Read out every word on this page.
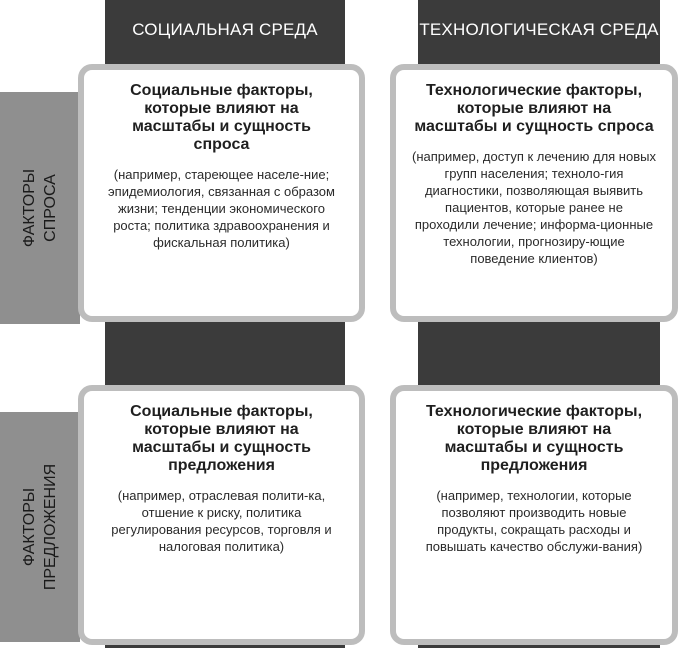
СОЦИАЛЬНАЯ СРЕДА	ТЕХНОЛОГИЧЕСКАЯ СРЕДА
ФАКТОРЫ СПРОСА
ФАКТОРЫ ПРЕДЛОЖЕНИЯ
Социальные факторы, которые влияют на масштабы и сущность спроса
(например, стареющее населе-ние; эпидемиология, связанная с образом жизни; тенденции экономического роста; политика здравоохранения и фискальная политика)
Технологические факторы, которые влияют на масштабы и сущность спроса
(например, доступ к лечению для новых групп населения; техноло-гия диагностики, позволяющая выявить пациентов, которые ранее не проходили лечение; информа-ционные технологии, прогнозиру-ющие поведение клиентов)
Социальные факторы, которые влияют на масштабы и сущность предложения
(например, отраслевая полити-ка, отшение к риску, политика регулирования ресурсов, торговля и налоговая политика)
Технологические факторы, которые влияют на масштабы и сущность предложения
(например, технологии, которые позволяют производить новые продукты, сокращать расходы и повышать качество обслужи-вания)
